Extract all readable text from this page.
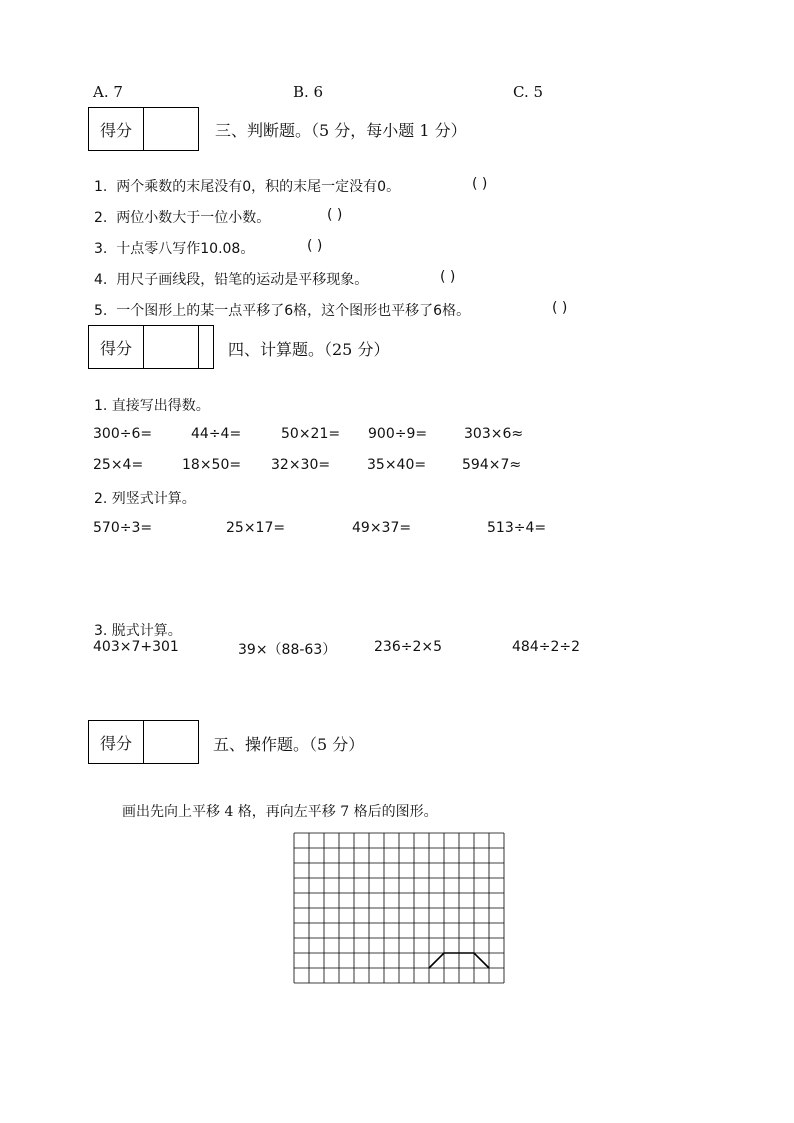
A. 7	B. 6	C. 5
得分	三、判断题。（5 分，每小题 1 分）
1. 两个乘数的末尾没有0，积的末尾一定没有0。	( )
2. 两位小数大于一位小数。	( )
3. 十点零八写作10.08。	( )
4. 用尺子画线段，铅笔的运动是平移现象。	( )
5. 一个图形上的某一点平移了6格，这个图形也平移了6格。	( )
得分	四、计算题。（25 分）
1. 直接写出得数。
300÷6=	44÷4=	50×21= 900÷9=	303×6≈
25×4=	18×50= 32×30=	35×40=	594×7≈
2. 列竖式计算。
570÷3=	25×17=	49×37=	513÷4=
3. 脱式计算。
403×7+301	39×（88-63）	236÷2×5	484÷2÷2
得分	五、操作题。（5 分）
画出先向上平移 4 格，再向左平移 7 格后的图形。
